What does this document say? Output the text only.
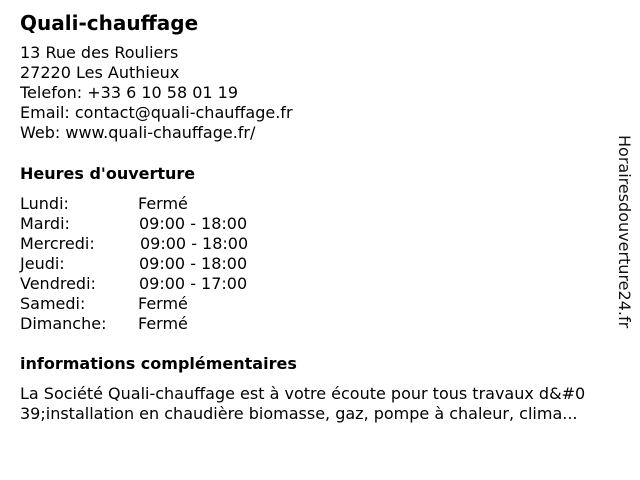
Quali-chauffage
13 Rue des Rouliers
27220 Les Authieux
Telefon: +33 6 10 58 01 19
Email: contact@quali-chauffage.fr
Web: www.quali-chauffage.fr/
Heures d'ouverture
Lundi:	Fermé
Mardi:	09:00 - 18:00
Mercredi:	09:00 - 18:00
Jeudi:	09:00 - 18:00
Vendredi:	09:00 - 17:00
Samedi:	Fermé
Dimanche: Fermé
informations complémentaires
La Société Quali-chauffage est à votre écoute pour tous travaux d&#0
39;installation en chaudière biomasse, gaz, pompe à chaleur, clima...
Horairesdouverture24.fr
